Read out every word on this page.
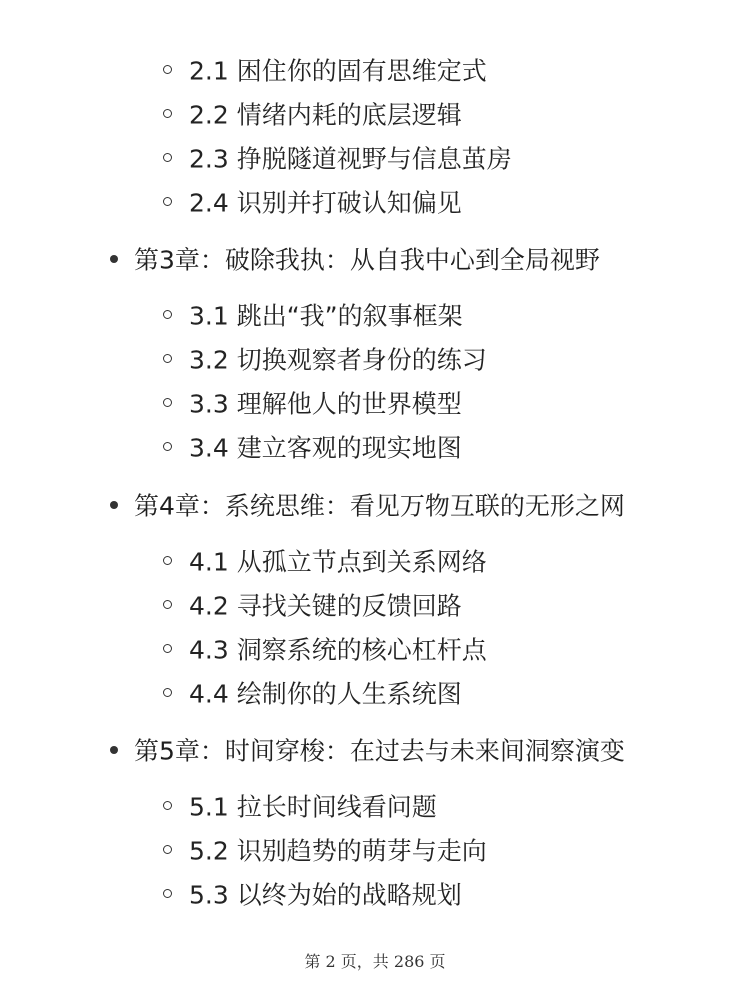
2.1 困住你的固有思维定式
2.2 情绪内耗的底层逻辑
2.3 挣脱隧道视野与信息茧房
2.4 识别并打破认知偏见
第3章：破除我执：从自我中心到全局视野
3.1 跳出“我”的叙事框架
3.2 切换观察者身份的练习
3.3 理解他人的世界模型
3.4 建立客观的现实地图
第4章：系统思维：看见万物互联的无形之网
4.1 从孤立节点到关系网络
4.2 寻找关键的反馈回路
4.3 洞察系统的核心杠杆点
4.4 绘制你的人生系统图
第5章：时间穿梭：在过去与未来间洞察演变
5.1 拉长时间线看问题
5.2 识别趋势的萌芽与走向
5.3 以终为始的战略规划
第 2 页，共 286 页
